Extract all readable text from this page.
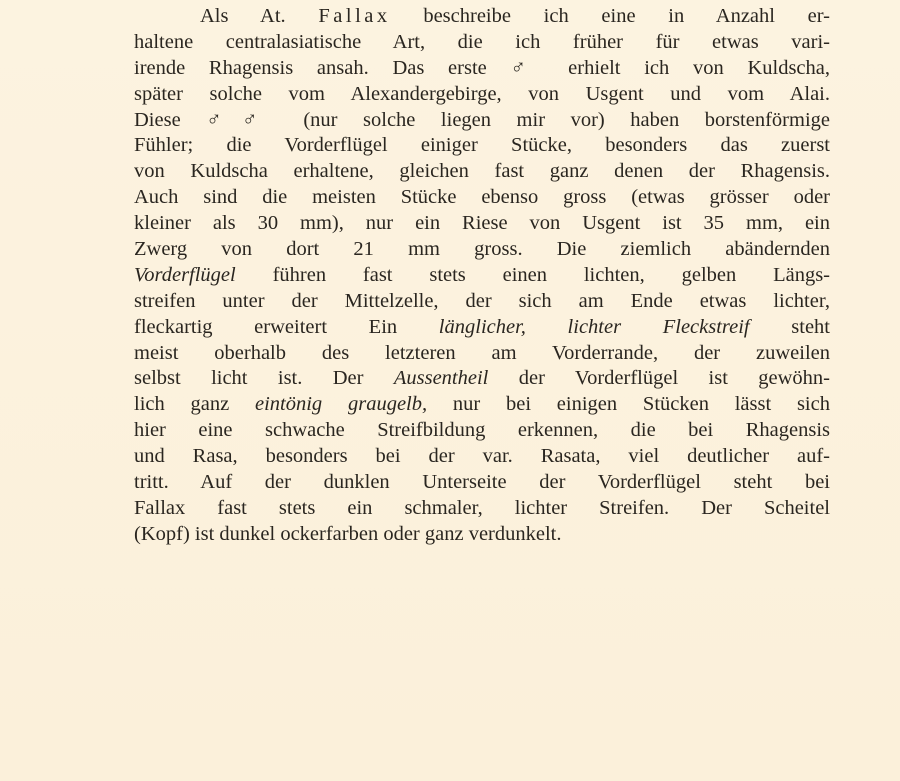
Als At. Fallax beschreibe ich eine in Anzahl er-
haltene centralasiatische Art, die ich früher für etwas vari-
irende Rhagensis ansah. Das erste ♂ erhielt ich von Kuldscha,
später solche vom Alexandergebirge, von Usgent und vom Alai.
Diese ♂♂ (nur solche liegen mir vor) haben borstenförmige
Fühler; die Vorderflügel einiger Stücke, besonders das zuerst
von Kuldscha erhaltene, gleichen fast ganz denen der Rhagensis.
Auch sind die meisten Stücke ebenso gross (etwas grösser oder
kleiner als 30 mm), nur ein Riese von Usgent ist 35 mm, ein
Zwerg von dort 21 mm gross. Die ziemlich abändernden
Vorderflügel führen fast stets einen lichten, gelben Längs-
streifen unter der Mittelzelle, der sich am Ende etwas lichter,
fleckartig erweitert Ein länglicher, lichter Fleckstreif steht
meist oberhalb des letzteren am Vorderrande, der zuweilen
selbst licht ist. Der Aussentheil der Vorderflügel ist gewöhn-
lich ganz eintönig graugelb, nur bei einigen Stücken lässt sich
hier eine schwache Streifbildung erkennen, die bei Rhagensis
und Rasa, besonders bei der var. Rasata, viel deutlicher auf-
tritt. Auf der dunklen Unterseite der Vorderflügel steht bei
Fallax fast stets ein schmaler, lichter Streifen. Der Scheitel
(Kopf) ist dunkel ockerfarben oder ganz verdunkelt.
